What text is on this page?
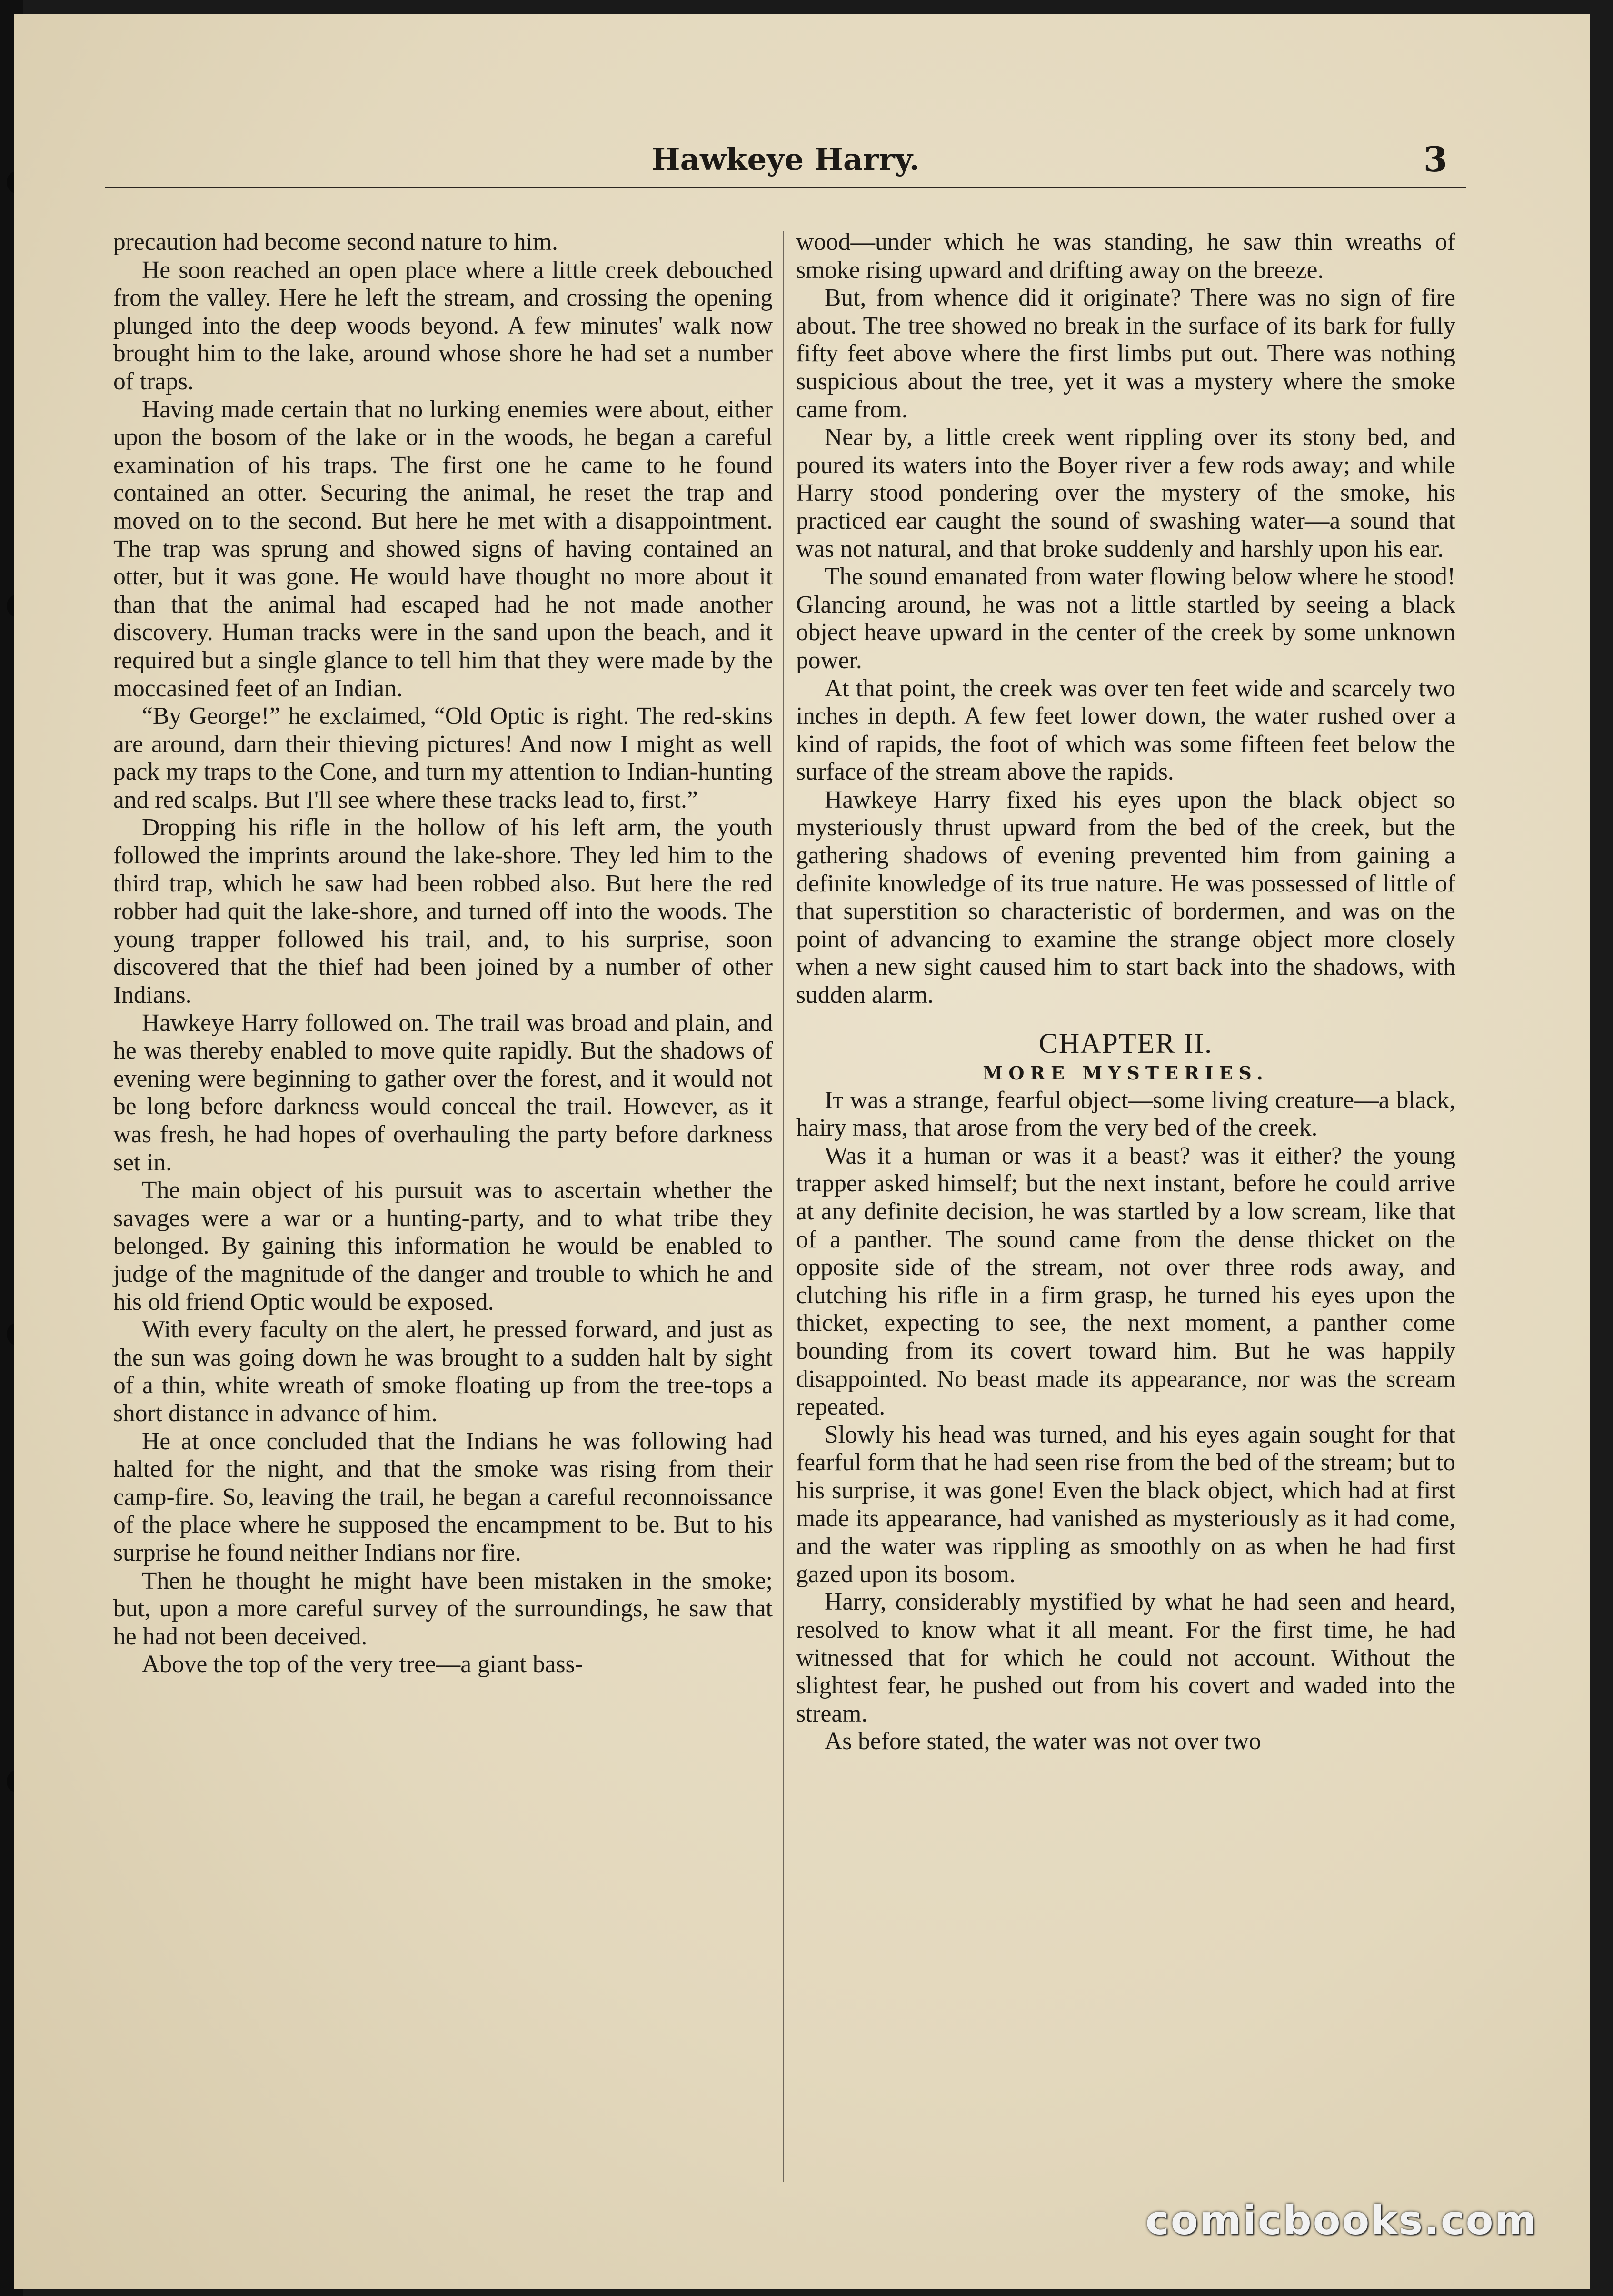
Hawkeye Harry.	3

precaution had become second nature to him.

He soon reached an open place where a little creek debouched from the valley. Here he left the stream, and crossing the opening plunged into the deep woods beyond. A few minutes' walk now brought him to the lake, around whose shore he had set a number of traps.

Having made certain that no lurking enemies were about, either upon the bosom of the lake or in the woods, he began a careful examination of his traps. The first one he came to he found contained an otter. Securing the animal, he reset the trap and moved on to the second. But here he met with a disappointment. The trap was sprung and showed signs of having contained an otter, but it was gone. He would have thought no more about it than that the animal had escaped had he not made another discovery. Human tracks were in the sand upon the beach, and it required but a single glance to tell him that they were made by the moccasined feet of an Indian.

“By George!” he exclaimed, “Old Optic is right. The red-skins are around, darn their thieving pictures! And now I might as well pack my traps to the Cone, and turn my attention to Indian-hunting and red scalps. But I'll see where these tracks lead to, first.”

Dropping his rifle in the hollow of his left arm, the youth followed the imprints around the lake-shore. They led him to the third trap, which he saw had been robbed also. But here the red robber had quit the lake-shore, and turned off into the woods. The young trapper followed his trail, and, to his surprise, soon discovered that the thief had been joined by a number of other Indians.

Hawkeye Harry followed on. The trail was broad and plain, and he was thereby enabled to move quite rapidly. But the shadows of evening were beginning to gather over the forest, and it would not be long before darkness would conceal the trail. However, as it was fresh, he had hopes of overhauling the party before darkness set in.

The main object of his pursuit was to ascertain whether the savages were a war or a hunting-party, and to what tribe they belonged. By gaining this information he would be enabled to judge of the magnitude of the danger and trouble to which he and his old friend Optic would be exposed.

With every faculty on the alert, he pressed forward, and just as the sun was going down he was brought to a sudden halt by sight of a thin, white wreath of smoke floating up from the tree-tops a short distance in advance of him.

He at once concluded that the Indians he was following had halted for the night, and that the smoke was rising from their camp-fire. So, leaving the trail, he began a careful reconnoissance of the place where he supposed the encampment to be. But to his surprise he found neither Indians nor fire.

Then he thought he might have been mistaken in the smoke; but, upon a more careful survey of the surroundings, he saw that he had not been deceived.

Above the top of the very tree—a giant bass-

wood—under which he was standing, he saw thin wreaths of smoke rising upward and drifting away on the breeze.

But, from whence did it originate? There was no sign of fire about. The tree showed no break in the surface of its bark for fully fifty feet above where the first limbs put out. There was nothing suspicious about the tree, yet it was a mystery where the smoke came from.

Near by, a little creek went rippling over its stony bed, and poured its waters into the Boyer river a few rods away; and while Harry stood pondering over the mystery of the smoke, his practiced ear caught the sound of swashing water—a sound that was not natural, and that broke suddenly and harshly upon his ear.

The sound emanated from water flowing below where he stood! Glancing around, he was not a little startled by seeing a black object heave upward in the center of the creek by some unknown power.

At that point, the creek was over ten feet wide and scarcely two inches in depth. A few feet lower down, the water rushed over a kind of rapids, the foot of which was some fifteen feet below the surface of the stream above the rapids.

Hawkeye Harry fixed his eyes upon the black object so mysteriously thrust upward from the bed of the creek, but the gathering shadows of evening prevented him from gaining a definite knowledge of its true nature. He was possessed of little of that superstition so characteristic of bordermen, and was on the point of advancing to examine the strange object more closely when a new sight caused him to start back into the shadows, with sudden alarm.

CHAPTER II.
MORE MYSTERIES.

It was a strange, fearful object—some living creature—a black, hairy mass, that arose from the very bed of the creek.

Was it a human or was it a beast? was it either? the young trapper asked himself; but the next instant, before he could arrive at any definite decision, he was startled by a low scream, like that of a panther. The sound came from the dense thicket on the opposite side of the stream, not over three rods away, and clutching his rifle in a firm grasp, he turned his eyes upon the thicket, expecting to see, the next moment, a panther come bounding from its covert toward him. But he was happily disappointed. No beast made its appearance, nor was the scream repeated.

Slowly his head was turned, and his eyes again sought for that fearful form that he had seen rise from the bed of the stream; but to his surprise, it was gone! Even the black object, which had at first made its appearance, had vanished as mysteriously as it had come, and the water was rippling as smoothly on as when he had first gazed upon its bosom.

Harry, considerably mystified by what he had seen and heard, resolved to know what it all meant. For the first time, he had witnessed that for which he could not account. Without the slightest fear, he pushed out from his covert and waded into the stream.

As before stated, the water was not over two

comicbooks.com
